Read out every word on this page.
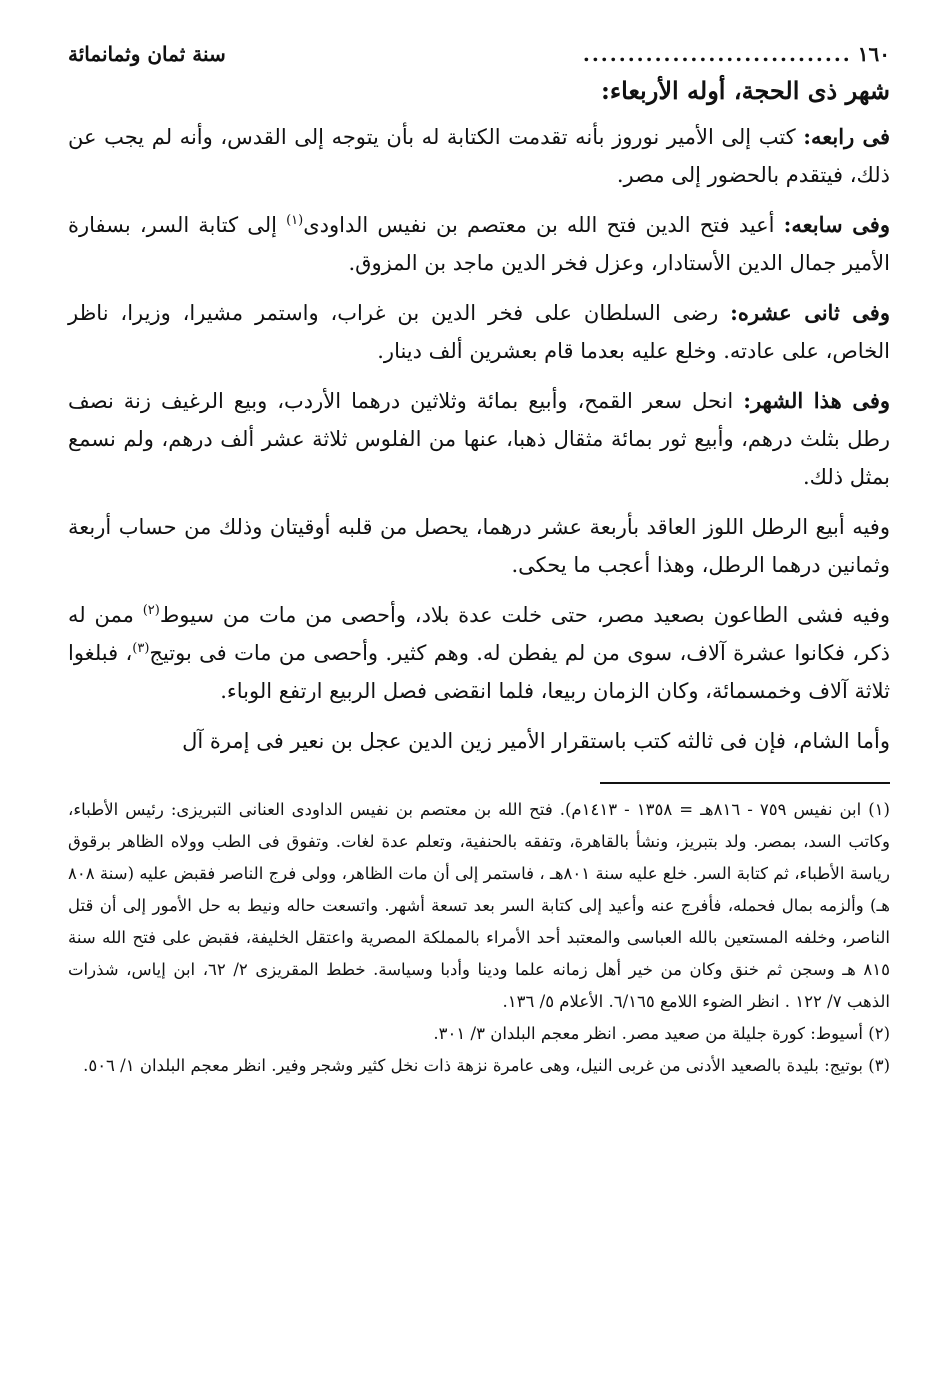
١٦٠
..............................
سنة ثمان وثمانمائة
شهر ذى الحجة، أوله الأربعاء:

فى رابعه: كتب إلى الأمير نوروز بأنه تقدمت الكتابة له بأن يتوجه إلى القدس، وأنه لم يجب عن ذلك، فيتقدم بالحضور إلى مصر.

وفى سابعه: أعيد فتح الدين فتح الله بن معتصم بن نفيس الداودى$^{(١)}$ إلى كتابة السر، بسفارة الأمير جمال الدين الأستادار، وعزل فخر الدين ماجد بن المزوق.

وفى ثانى عشره: رضى السلطان على فخر الدين بن غراب، واستمر مشيرا، وزيرا، ناظر الخاص، على عادته. وخلع عليه بعدما قام بعشرين ألف دينار.

وفى هذا الشهر: انحل سعر القمح، وأبيع بمائة وثلاثين درهما الأردب، وبيع الرغيف زنة نصف رطل بثلث درهم، وأبيع ثور بمائة مثقال ذهبا، عنها من الفلوس ثلاثة عشر ألف درهم، ولم نسمع بمثل ذلك.

وفيه أبيع الرطل اللوز العاقد بأربعة عشر درهما، يحصل من قلبه أوقيتان وذلك من حساب أربعة وثمانين درهما الرطل، وهذا أعجب ما يحكى.

وفيه فشى الطاعون بصعيد مصر، حتى خلت عدة بلاد، وأحصى من مات من سيوط$^{(٢)}$ ممن له ذكر، فكانوا عشرة آلاف، سوى من لم يفطن له. وهم كثير. وأحصى من مات فى بوتيج$^{(٣)}$، فبلغوا ثلاثة آلاف وخمسمائة، وكان الزمان ربيعا، فلما انقضى فصل الربيع ارتفع الوباء.

وأما الشام، فإن فى ثالثه كتب باستقرار الأمير زين الدين عجل بن نعير فى إمرة آل

(١) ابن نفيس ٧٥٩ - ٨١٦هـ = ١٣٥٨ - ١٤١٣م). فتح الله بن معتصم بن نفيس الداودى العنانى التبريزى: رئيس الأطباء، وكاتب السد، بمصر. ولد بتبريز، ونشأ بالقاهرة، وتفقه بالحنفية، وتعلم عدة لغات. وتفوق فى الطب وولاه الظاهر برقوق رياسة الأطباء، ثم كتابة السر. خلع عليه سنة ٨٠١هـ ، فاستمر إلى أن مات الظاهر، وولى فرج الناصر فقبض عليه (سنة ٨٠٨ هـ) وألزمه بمال فحمله، فأفرج عنه وأعيد إلى كتابة السر بعد تسعة أشهر. واتسعت حاله ونيط به حل الأمور إلى أن قتل الناصر، وخلفه المستعين بالله العباسى والمعتبد أحد الأمراء بالمملكة المصرية واعتقل الخليفة، فقبض على فتح الله سنة ٨١٥ هـ وسجن ثم خنق وكان من خير أهل زمانه علما ودينا وأدبا وسياسة. خطط المقريزى ٢/ ٦٢، ابن إياس، شذرات الذهب ٧/ ١٢٢ . انظر الضوء اللامع ٦/١٦٥. الأعلام ٥/ ١٣٦.

(٢) أسيوط: كورة جليلة من صعيد مصر. انظر معجم البلدان ٣/ ٣٠١.

(٣) بوتيج: بليدة بالصعيد الأدنى من غربى النيل، وهى عامرة نزهة ذات نخل كثير وشجر وفير. انظر معجم البلدان ١/ ٥٠٦.
